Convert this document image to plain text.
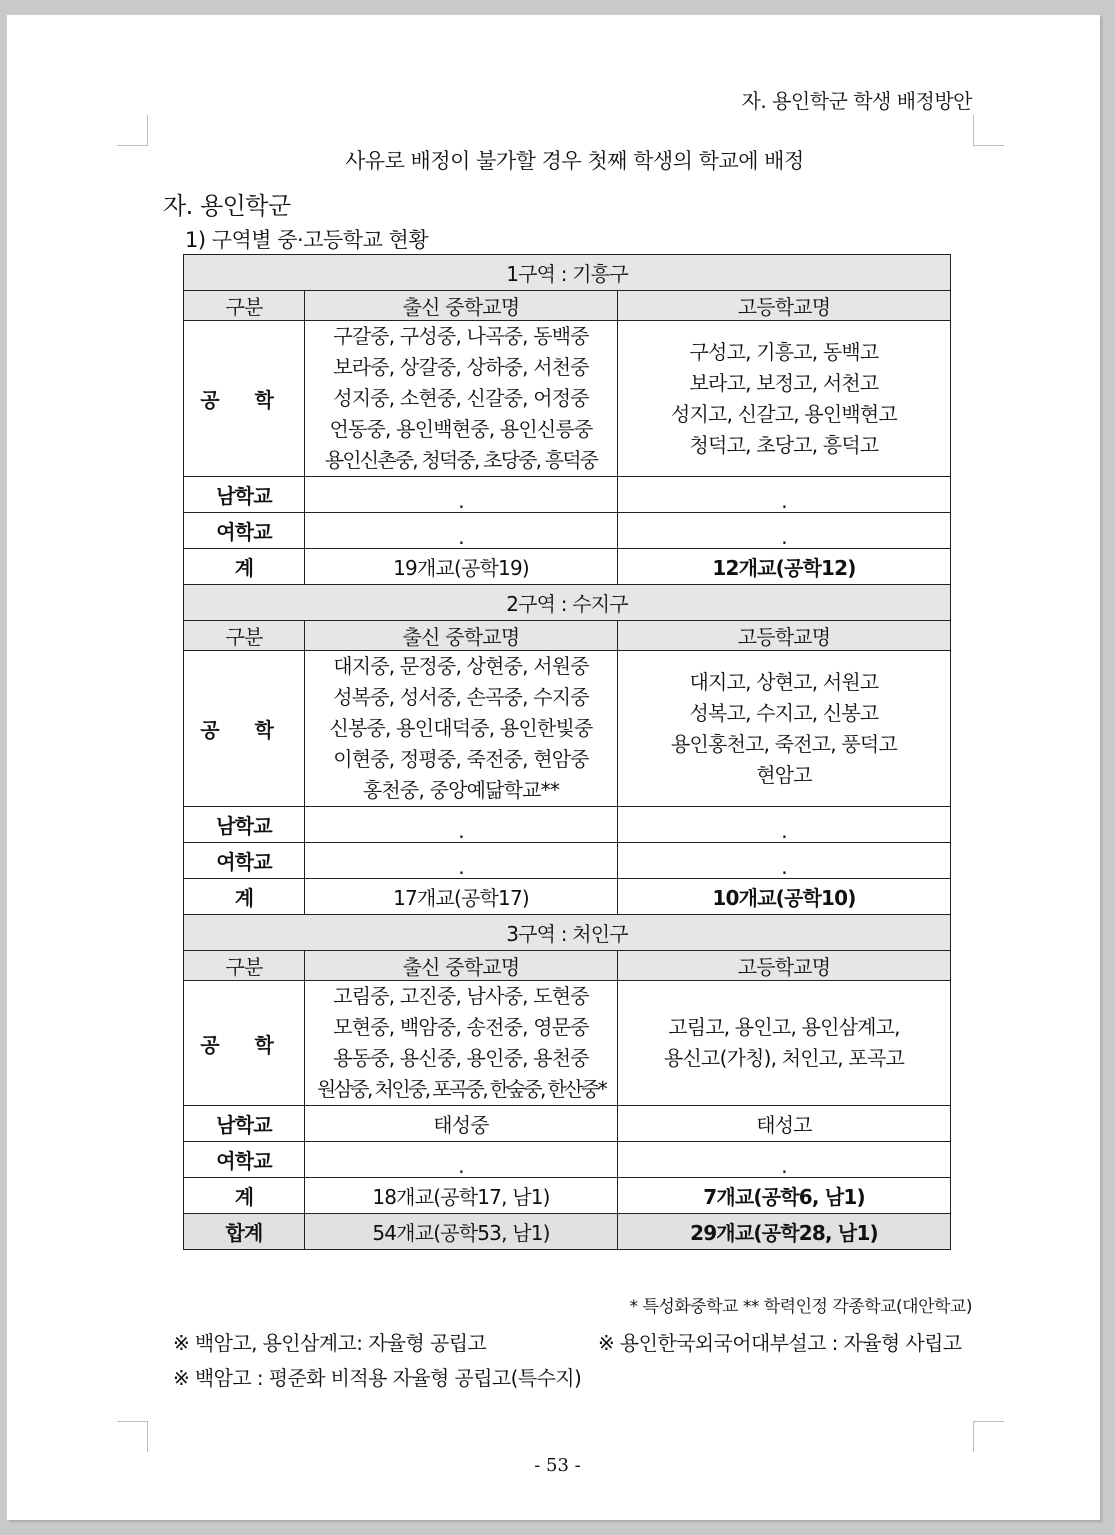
자. 용인학군 학생 배정방안
사유로 배정이 불가할 경우 첫째 학생의 학교에 배정
자. 용인학군
1) 구역별 중·고등학교 현황
1구역 : 기흥구		
구분	출신 중학교명	고등학교명
공 학	
구갈중, 구성중, 나곡중, 동백중
보라중, 상갈중, 상하중, 서천중
성지중, 소현중, 신갈중, 어정중
언동중, 용인백현중, 용인신릉중
용인신촌중, 청덕중, 초당중, 흥덕중

구성고, 기흥고, 동백고
보라고, 보정고, 서천고
성지고, 신갈고, 용인백현고
청덕고, 초당고, 흥덕고

남학교	.	.
여학교	.	.
계	19개교(공학19)	12개교(공학12)
2구역 : 수지구		
구분	출신 중학교명	고등학교명
공 학	
대지중, 문정중, 상현중, 서원중
성복중, 성서중, 손곡중, 수지중
신봉중, 용인대덕중, 용인한빛중
이현중, 정평중, 죽전중, 현암중
홍천중, 중앙예닮학교**

대지고, 상현고, 서원고
성복고, 수지고, 신봉고
용인홍천고, 죽전고, 풍덕고
현암고

남학교	.	.
여학교	.	.
계	17개교(공학17)	10개교(공학10)
3구역 : 처인구		
구분	출신 중학교명	고등학교명
공 학	
고림중, 고진중, 남사중, 도현중
모현중, 백암중, 송전중, 영문중
용동중, 용신중, 용인중, 용천중
원삼중, 처인중, 포곡중, 한숲중, 한산중*

고림고, 용인고, 용인삼계고,
용신고(가칭), 처인고, 포곡고

남학교	태성중	태성고
여학교	.	.
계	18개교(공학17, 남1)	7개교(공학6, 남1)
합계	54개교(공학53, 남1)	29개교(공학28, 남1)
* 특성화중학교 ** 학력인정 각종학교(대안학교)
※ 백암고, 용인삼계고: 자율형 공립고	※ 용인한국외국어대부설고 : 자율형 사립고
※ 백암고 : 평준화 비적용 자율형 공립고(특수지)
- 53 -
